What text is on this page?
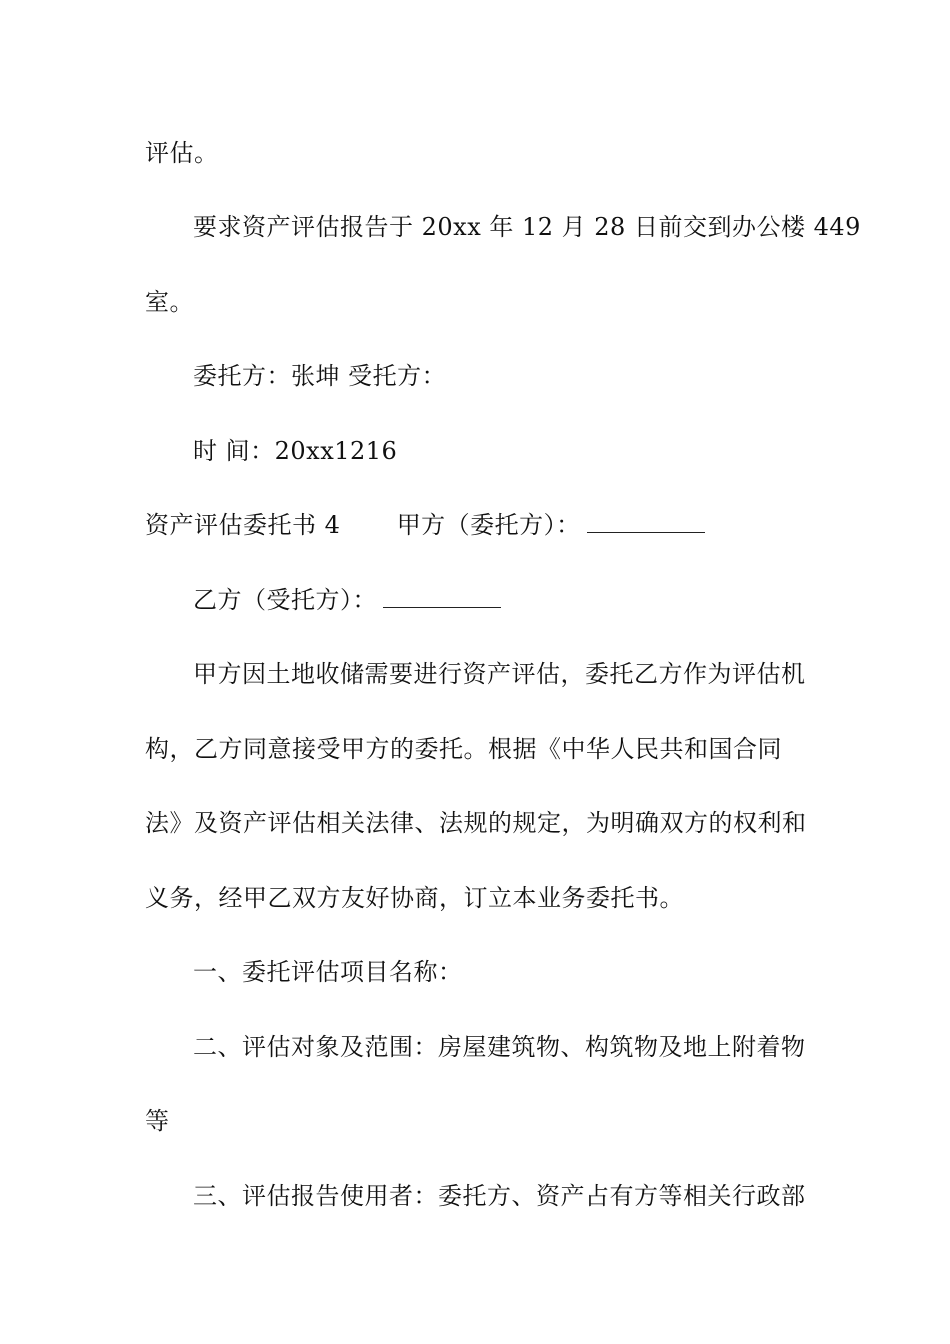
评估。
要求资产评估报告于 20xx 年 12 月 28 日前交到办公楼 449
室。
委托方：张坤 受托方：
时 间：20xx1216
资产评估委托书 4 甲方（委托方）：
乙方（受托方）：
甲方因土地收储需要进行资产评估，委托乙方作为评估机
构，乙方同意接受甲方的委托。根据《中华人民共和国合同
法》及资产评估相关法律、法规的规定，为明确双方的权利和
义务，经甲乙双方友好协商，订立本业务委托书。
一、委托评估项目名称：
二、评估对象及范围：房屋建筑物、构筑物及地上附着物
等
三、评估报告使用者：委托方、资产占有方等相关行政部
